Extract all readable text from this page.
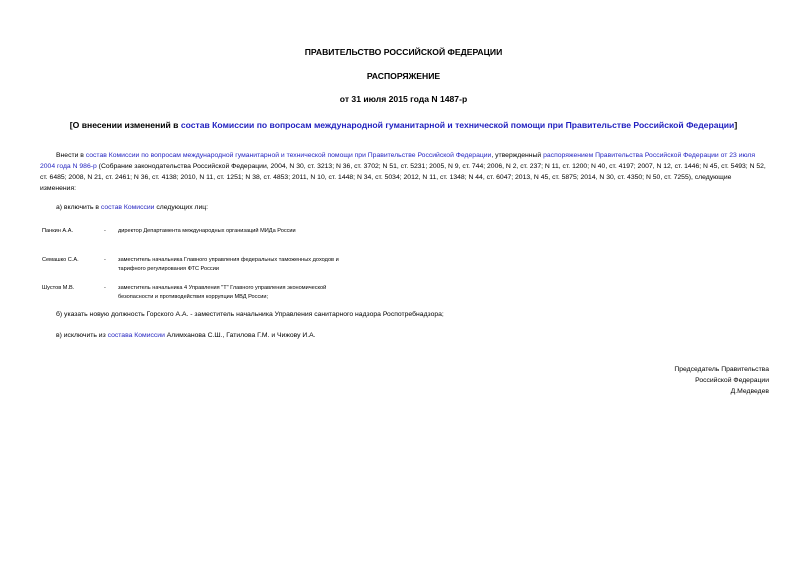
ПРАВИТЕЛЬСТВО РОССИЙСКОЙ ФЕДЕРАЦИИ
РАСПОРЯЖЕНИЕ
от 31 июля 2015 года N 1487-р
[О внесении изменений в состав Комиссии по вопросам международной гуманитарной и технической помощи при Правительстве Российской Федерации]
Внести в состав Комиссии по вопросам международной гуманитарной и технической помощи при Правительстве Российской Федерации, утвержденный распоряжением Правительства Российской Федерации от 23 июля 2004 года N 986-р (Собрание законодательства Российской Федерации, 2004, N 30, ст. 3213; N 36, ст. 3702; N 51, ст. 5231; 2005, N 9, ст. 744; 2006, N 2, ст. 237; N 11, ст. 1200; N 40, ст. 4197; 2007, N 12, ст. 1446; N 45, ст. 5493; N 52, ст. 6485; 2008, N 21, ст. 2461; N 36, ст. 4138; 2010, N 11, ст. 1251; N 38, ст. 4853; 2011, N 10, ст. 1448; N 34, ст. 5034; 2012, N 11, ст. 1348; N 44, ст. 6047; 2013, N 45, ст. 5875; 2014, N 30, ст. 4350; N 50, ст. 7255), следующие изменения:
а) включить в состав Комиссии следующих лиц:
Панкин А.А.	- директор Департамента международных организаций МИДа России
Семашко С.А.	- заместитель начальника Главного управления федеральных таможенных доходов и тарифного регулирования ФТС России
Шустов М.В.	- заместитель начальника 4 Управления "Т" Главного управления экономической безопасности и противодействия коррупции МВД России;
б) указать новую должность Горского А.А. - заместитель начальника Управления санитарного надзора Роспотребнадзора;
в) исключить из состава Комиссии Алимханова С.Ш., Гатилова Г.М. и Чижову И.А.
Председатель Правительства
Российской Федерации
Д.Медведев
